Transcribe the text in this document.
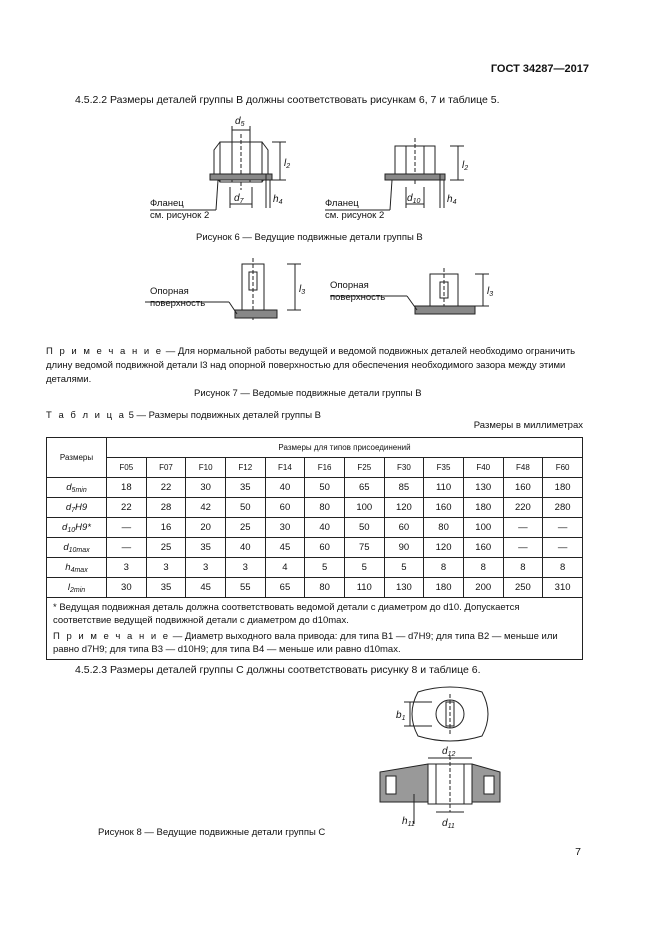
ГОСТ 34287—2017
4.5.2.2 Размеры деталей группы В должны соответствовать рисункам 6, 7 и таблице 5.
$d_5$
$l_2$
$d_7$	$h_4$
$l_2$
$d_{10}$	$h_4$
Фланец
см. рисунок 2
Фланец
см. рисунок 2
Рисунок 6 — Ведущие подвижные детали группы В
Опорная
поверхность
Опорная
поверхность
$l_3$	$l_3$
П р и м е ч а н и е — Для нормальной работы ведущей и ведомой подвижных деталей необходимо ограничить длину ведомой подвижной детали l3 над опорной поверхностью для обеспечения необходимого зазора между этими деталями.
Рисунок 7 — Ведомые подвижные детали группы В
Т а б л и ц а 5 — Размеры подвижных деталей группы В
Размеры в миллиметрах
Размеры	Размеры для типов присоединений											
	F05	F07	F10	F12	F14	F16	F25	F30	F35	F40	F48	F60
$d_{5min}$	18	22	30	35	40	50	65	85	110	130	160	180
$d_7H9$	22	28	42	50	60	80	100	120	160	180	220	280
$d_{10}H9*$	—	16	20	25	30	40	50	60	80	100	—	—
$d_{10max}$	—	25	35	40	45	60	75	90	120	160	—	—
$h_{4max}$	3	3	3	3	4	5	5	5	8	8	8	8
$l_{2min}$	30	35	45	55	65	80	110	130	180	200	250	310

* Ведущая подвижная деталь должна соответствовать ведомой детали с диаметром до d10. Допускается соответствие ведущей подвижной детали с диаметром до d10max.
П р и м е ч а н и е — Диаметр выходного вала привода: для типа В1 — d7H9; для типа В2 — меньше или равно d7H9; для типа В3 — d10H9; для типа В4 — меньше или равно d10max.												
4.5.2.3 Размеры деталей группы С должны соответствовать рисунку 8 и таблице 6.
$b_1$
$d_{12}$
$d_{11}$
$h_{11}$
Рисунок 8 — Ведущие подвижные детали группы С
7
